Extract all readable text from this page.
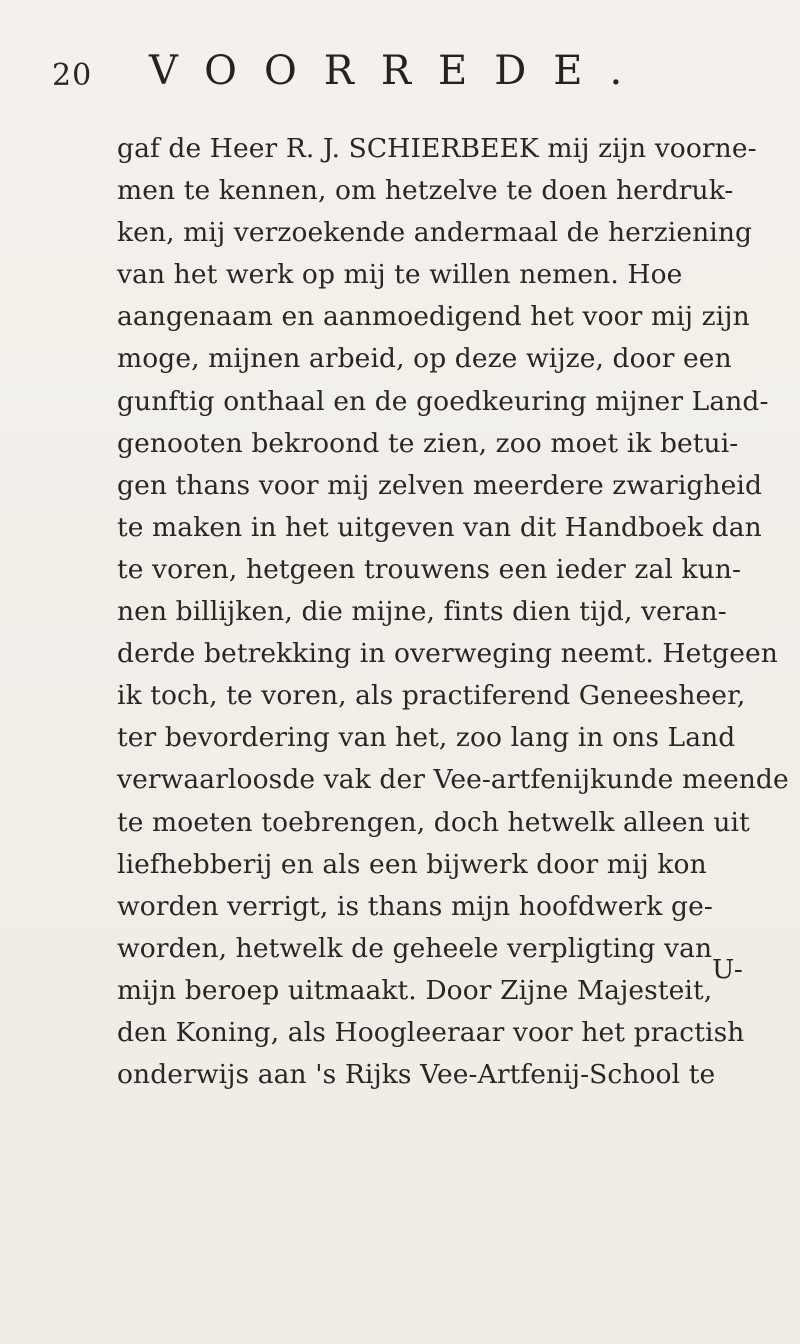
20 VOORREDE.
gaf de Heer R. J. SCHIERBEEK mij zijn voorne-
men te kennen, om hetzelve te doen herdruk-
ken, mij verzoekende andermaal de herziening
van het werk op mij te willen nemen. Hoe
aangenaam en aanmoedigend het voor mij zijn
moge, mijnen arbeid, op deze wijze, door een
gunftig onthaal en de goedkeuring mijner Land-
genooten bekroond te zien, zoo moet ik betui-
gen thans voor mij zelven meerdere zwarigheid
te maken in het uitgeven van dit Handboek dan
te voren, hetgeen trouwens een ieder zal kun-
nen billijken, die mijne, fints dien tijd, veran-
derde betrekking in overweging neemt. Hetgeen
ik toch, te voren, als practiferend Geneesheer,
ter bevordering van het, zoo lang in ons Land
verwaarloosde vak der Vee-artfenijkunde meende
te moeten toebrengen, doch hetwelk alleen uit
liefhebberij en als een bijwerk door mij kon
worden verrigt, is thans mijn hoofdwerk ge-
worden, hetwelk de geheele verpligting van
mijn beroep uitmaakt. Door Zijne Majesteit,
den Koning, als Hoogleeraar voor het practish
onderwijs aan 's Rijks Vee-Artfenij-School te
U-
